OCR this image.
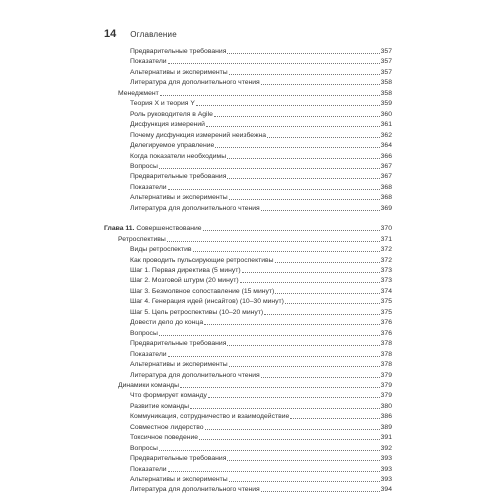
14 Оглавление
Предварительные требования	357
Показатели	357
Альтернативы и эксперименты	357
Литература для дополнительного чтения	358
Менеджмент	358
Теория X и теория Y	359
Роль руководителя в Agile	360
Дисфункция измерений	361
Почему дисфункция измерений неизбежна	362
Делегируемое управление	364
Когда показатели необходимы	366
Вопросы	367
Предварительные требования	367
Показатели	368
Альтернативы и эксперименты	368
Литература для дополнительного чтения	369
Глава 11. Совершенствование	370
Ретроспективы	371
Виды ретроспектив	372
Как проводить пульсирующие ретроспективы	372
Шаг 1. Первая директива (5 минут)	373
Шаг 2. Мозговой штурм (20 минут)	373
Шаг 3. Безмолвное сопоставление (15 минут)	374
Шаг 4. Генерация идей (инсайтов) (10–30 минут)	375
Шаг 5. Цель ретроспективы (10–20 минут)	375
Довести дело до конца	376
Вопросы	376
Предварительные требования	378
Показатели	378
Альтернативы и эксперименты	378
Литература для дополнительного чтения	379
Динамики команды	379
Что формирует команду	379
Развитие команды	380
Коммуникация, сотрудничество и взаимодействие	386
Совместное лидерство	389
Токсичное поведение	391
Вопросы	392
Предварительные требования	393
Показатели	393
Альтернативы и эксперименты	393
Литература для дополнительного чтения	394
